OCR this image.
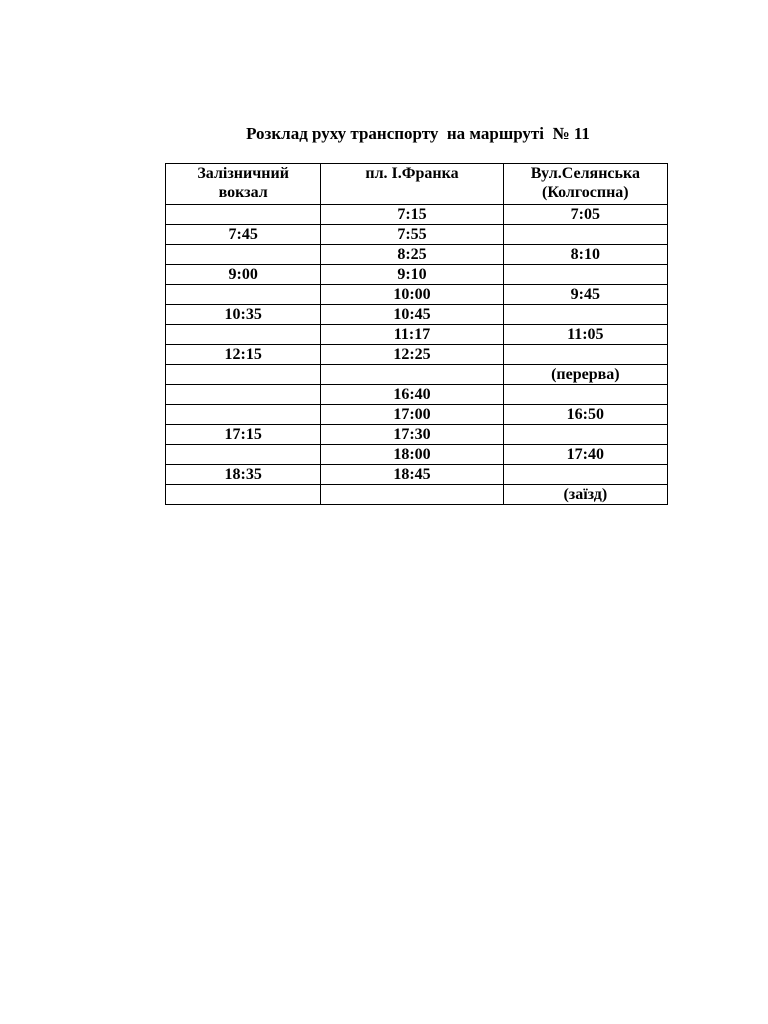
Розклад руху транспорту  на маршруті  № 11
Залізничний
вокзал	пл. І.Франка	Вул.Селянська
(Колгоспна)
	7:15	7:05
7:45	7:55	
	8:25	8:10
9:00	9:10	
	10:00	9:45
10:35	10:45	
	11:17	11:05
12:15	12:25	
		(перерва)
	16:40	
	17:00	16:50
17:15	17:30	
	18:00	17:40
18:35	18:45	
		(заїзд)
